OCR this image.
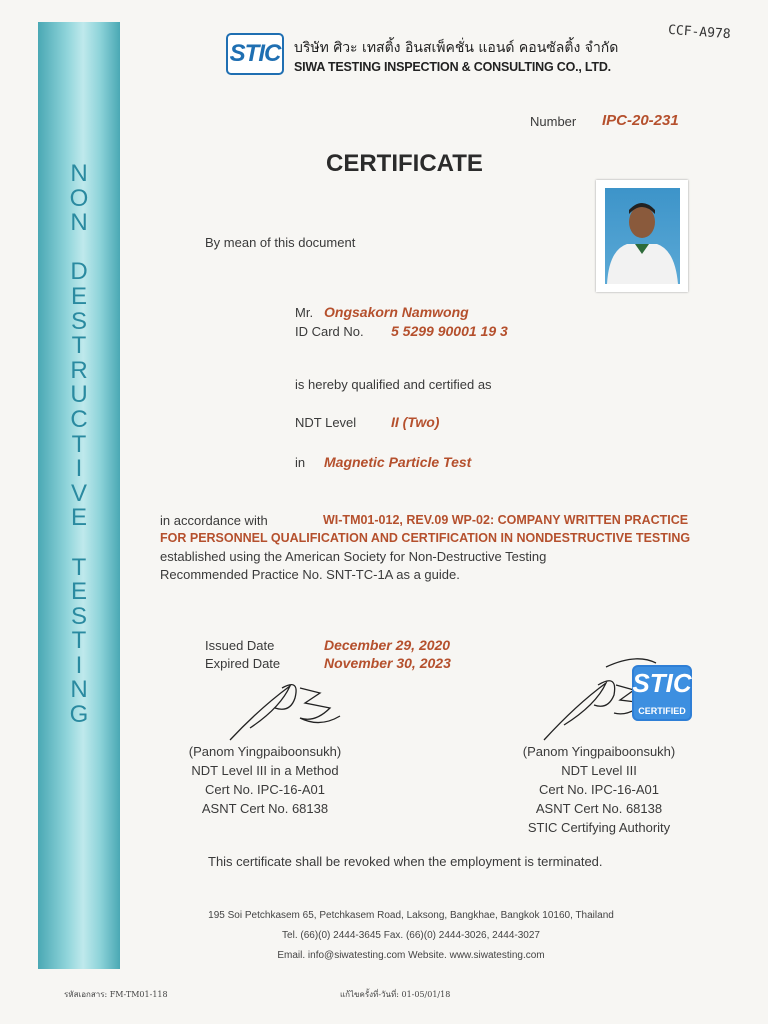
N
O
N
D
E
S
T
R
U
C
T
I
V
E
T
E
S
T
I
N
G
STIC บริษัท ศิวะ เทสติ้ง อินสเพ็คชั่น แอนด์ คอนซัลติ้ง จำกัด
SIWA TESTING INSPECTION & CONSULTING CO., LTD.
CCF-A978
Number IPC-20-231
CERTIFICATE
By mean of this document
Mr. Ongsakorn Namwong
ID Card No. 5 5299 90001 19 3
is hereby qualified and certified as
NDT Level II (Two)
in Magnetic Particle Test
in accordance with	WI-TM01-012, REV.09 WP-02: COMPANY WRITTEN PRACTICE
FOR PERSONNEL QUALIFICATION AND CERTIFICATION IN NONDESTRUCTIVE TESTING
established using the American Society for Non-Destructive Testing
Recommended Practice No. SNT-TC-1A as a guide.
Issued Date	December 29, 2020
Expired Date	November 30, 2023
STIC
CERTIFIED
(Panom Yingpaiboonsukh)
NDT Level III in a Method
Cert No. IPC-16-A01
ASNT Cert No. 68138
(Panom Yingpaiboonsukh)
NDT Level III
Cert No. IPC-16-A01
ASNT Cert No. 68138
STIC Certifying Authority
This certificate shall be revoked when the employment is terminated.
195 Soi Petchkasem 65, Petchkasem Road, Laksong, Bangkhae, Bangkok 10160, Thailand
Tel. (66)(0) 2444-3645 Fax. (66)(0) 2444-3026, 2444-3027
Email. info@siwatesting.com Website. www.siwatesting.com
รหัสเอกสาร: FM-TM01-118	แก้ไขครั้งที่-วันที่: 01-05/01/18
